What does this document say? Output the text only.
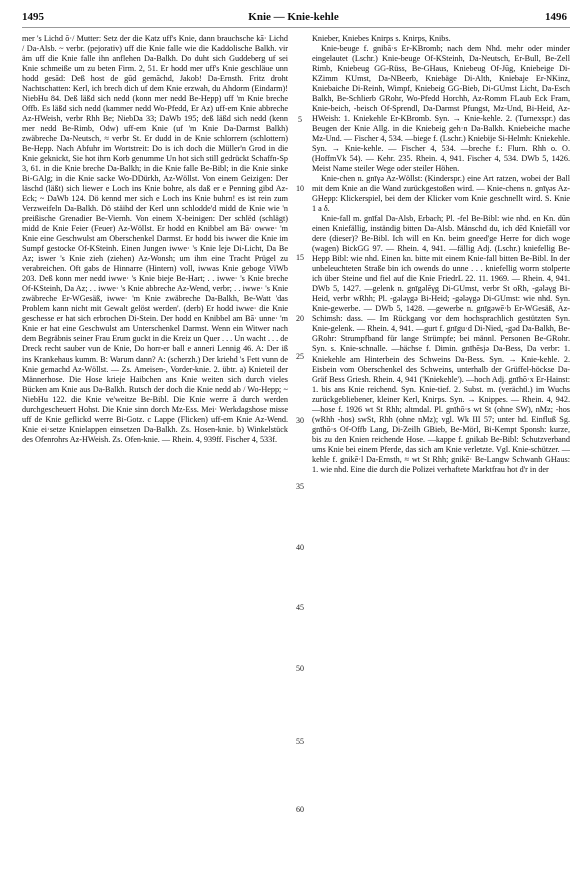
1495	Knie — Knie-kehle	1496

mer 's Lichd ō·/ Mutter: Setz der die Katz uff's Knie, dann brauchsche kā· Lichd / Da-Alsb. ~ verbr. (pejorativ) uff die Knie falle wie die Kaddolische Balkh. vir äm uff die Knie falle ihn anflehen Da-Balkh. Do duht sich Guddeberg uf sei Knie schmeiße um zu beten Firm. 2, 51. Er hodd mer uff's Knie geschläue unn hodd gesād: Deß host de gūd gemāchd, Jakob! Da-Ernsth. Fritz droht Nachtschatten: Kerl, ich brech dich uf dem Knie erzwah, du Ahdorm (Eindarm)! NiebHu 84. Deß läßd sich nedd (konn mer nedd Be-Hepp) uff 'm Knie breche Offb. Es läßd sich nedd (kammer nedd Wo-Pfedd, Er Az) uff-em Knie abbreche Az-HWeish, verbr Rhh Be; NiebDa 33; DaWb 195; deß läßd sich nedd (kenn mer nedd Be-Rimb, Odw) uff-em Knie (uf 'm Knie Da-Darmst Balkh) zwäbreche Da-Neutsch, ≈ verbr St. Er dudd in de Knie schlorrern (schlottern) Be-Hepp. Nach Abfuhr im Wortstreit: Do is ich doch die Müller'n Grod in die Knie geknickt, Sie hot ihrn Korb genumme Un hot sich still gedrückt Schaffn-Sp 3, 61. in die Knie breche Da-Balkh; in die Knie falle Be-Bibl; in die Knie sinke Bi-GAlg; in die Knie sacke Wo-DDürkh, Az-Wöllst. Von einem Geizigen: Der läschd (läßt) sich liewer e Loch ins Knie bohre, als daß er e Penning gibd Az-Eck; ~ DaWb 124. Dö kennd mer sich e Loch ins Knie buhrn! es ist rein zum Verzweifeln Da-Balkh. Dö stäihd der Kerl unn schlodde'd midd de Knie wie 'n preißische Grenadier Be-Viernh. Von einem X-beinigen: Der schlëd (schlägt) midd de Knie Feier (Feuer) Az-Wöllst. Er hodd en Knibbel am Bā· owwe· 'm Knie eine Geschwulst am Oberschenkel Darmst. Er hodd bis iwwer die Knie im Sumpf gestocke Of-KSteinh. Einen Jungen iwwe· 's Knie leje Di-Licht, Da Be Az; iswer 's Knie zieh (ziehen) Az-Wonsh; um ihm eine Tracht Prügel zu verabreichen. Oft gabs de Hinnarre (Hintern) voll, iwwas Knie geboge ViWb 203. Deß konn mer nedd iwwe· 's Knie bieje Be-Hart; . . iwwe· 's Knie breche Of-KSteinh, Da Az; . . iwwe· 's Knie abbreche Az-Wend, verbr; . . iwwe· 's Knie zwäbreche Er-WGesäß, iwwe· 'm Knie zwäbreche Da-Balkh, Be-Watt 'das Problem kann nicht mit Gewalt gelöst werden'. (derb) Er hodd iwwe· die Knie geschesse er hat sich erbrochen Di-Stein. Der hodd en Knibbel am Bā· unne· 'm Knie er hat eine Geschwulst am Unterschenkel Darmst. Wenn ein Witwer nach dem Begräbnis seiner Frau Erum guckt in die Kreiz un Quer . . . Un wacht . . . de Dreck recht sauber vun de Knie, Do horr-er ball e anneri Lennig 46. A: Der iß ins Krankehaus kumm. B: Warum dann? A: (scherzh.) Der kriehd 's Fett vunn de Knie gemachd Az-Wöllst. — Zs. Ameisen-, Vorder-knie. 2. übtr. a) Knieteil der Männerhose. Die Hose krieje Haibchen ans Knie weiten sich durch vieles Bücken am Knie aus Da-Balkh. Rutsch der doch die Knie nedd ab / Wo-Hepp; ~ NiebHu 122. die Knie ve'weitze Be-Bibl. Die Knie werre ā durch werden durchgescheuert Hohst. Die Knie sinn dorch Mz-Ess. Mei· Werkdagshose misse uff de Knie geflickd werre Bi-Gotz. c Lappe (Flicken) uff-em Knie Az-Wend. Knie ei·setze Knielappen einsetzen Da-Balkh. Zs. Hosen-knie. b) Winkelstück des Ofenrohrs Az-HWeish. Zs. Ofen-knie. — Rhein. 4, 939ff. Fischer 4, 533f.

5
10
15
20
25
30
35
40
45
50
55
60

Knieber, Kniebes Knirps s. Knirps, Knibs.

Knie-beuge f. gnibā·s Er-KBromb; nach dem Nhd. mehr oder minder eingelautet (Lschr.) Knie-beuge Of-KSteinh, Da-Neutsch, Er-Bull, Be-Zell Rimb, Kniebeug GG-Rüss, Be-GHaus, Kniebeug Of-Jūg, Kniebeige Di-KZimm KUmst, Da-NBeerb, Kniebäge Di-Alth, Kniebaje Er-NKinz, Kniebaiche Di-Reinh, Wimpf, Kniebeig GG-Bieb, Di-GUmst Licht, Da-Esch Balkh, Be-Schlierb GRohr, Wo-Pfedd Horchh, Az-Romm FLaub Eck Fram, Knie-beich, -beisch Of-Sprendl, Da-Darmst Pfungst, Mz-Und, Bi-Heid, Az-HWeish: 1. Kniekehle Er-KBromb. Syn. → Knie-kehle. 2. (Turnexspr.) das Beugen der Knie Allg. in die Kniebeig geh·n Da-Balkh. Kniebeiche mache Mz-Und. — Fischer 4, 534. —biege f. (Lschr.) Kniebije Si-Helmh: Kniekehle. Syn. → Knie-kehle. — Fischer 4, 534. —breche f.: Flurn. Rhh o. O. (HoffmVk 54). — Kehr. 235. Rhein. 4, 941. Fischer 4, 534. DWb 5, 1426. Meist Name steiler Wege oder steiler Höhen.

Knie-chen n. gnīγə Az-Wöllst: (Kinderspr.) eine Art ratzen, wobei der Ball mit dem Knie an die Wand zurückgestoßen wird. — Knie-chens n. gnīγəs Az-GHepp: Klickerspiel, bei dem der Klicker vom Knie geschnellt wird. S. Knie 1 a δ.

Knie-fall m. gnīfal Da-Alsb, Erbach; Pl. -fel Be-Bibl: wie nhd. en Kn. dūn einen Kniefällig, inständig bitten Da-Alsb. Mänschd du, ich dēd Kniefāll vor dere (dieser)? Be-Bibl. Ich will en Kn. beim gneed'ge Herre for dich woge (wagen) BickGG 97. — Rhein. 4, 941. —fällig Adj. (Lschr.) kniefellig Be-Hepp Bibl: wie nhd. Einen kn. bitte mit einem Knie-fall bitten Be-Bibl. In der unbeleuchteten Straße bin ich owends do unne . . . kniefellig worrn stolperte ich über Steine und fiel auf die Knie FriedrL 22. 11. 1969. — Rhein. 4, 941. DWb 5, 1427. —gelenk n. gnīgəlēγg Di-GUmst, verbr St oRh, -gələγg Bi-Heid, verbr wRhh; Pl. -gələγgə Bi-Heid; -gələγgə Di-GUmst: wie nhd. Syn. Knie-gewerbe. — DWb 5, 1428. —gewerbe n. gnīgəwē·b Er-WGesäß, Az-Schimsh: dass. — Im Rückgang vor dem hochsprachlich gestützten Syn. Knie-gelenk. — Rhein. 4, 941. —gurt f. gnīgu·d Di-Nied, -gəd Da-Balkh, Be-GRohr: Strumpfband für lange Strümpfe; bei männl. Personen Be-GRohr. Syn. s. Knie-schnalle. —hächse f. Dimin. gnīhēsjə Da-Bess, Da verbr: 1. Kniekehle am Hinterbein des Schweins Da-Bess. Syn. → Knie-kehle. 2. Eisbein vom Oberschenkel des Schweins, unterhalb der Grüffel-höckse Da-Gräf Bess Griesh. Rhein. 4, 941 ('Kniekehle'). —hoch Adj. gnīhō·x Er-Hainst: 1. bis ans Knie reichend. Syn. Knie-tief. 2. Subst. m. (verächtl.) im Wuchs zurückgebliebener, kleiner Kerl, Knirps. Syn. → Knippes. — Rhein. 4, 942. —hose f. 1926 wt St Rhh; altmdal. Pl. gnīhō·s wt St (ohne SW), nMz; -hos (wRhh -hos) swSt, Rhh (ohne nMz); vgl. Wk III 57; unter hd. Einfluß Sg. gnīhō·s Of-Offb Lang, Di-Zeilh GBieb, Be-Mörl, Bi-Kempt Sponsh: kurze, bis zu den Knien reichende Hose. —kappe f. gnikab Be-Bibl: Schutzverband ums Knie bei einem Pferde, das sich am Knie verletzte. Vgl. Knie-schützer. —kehle f. gnikē·l Da-Ernsth, ≈ wt St Rhh; gnikē· Be-Langw Schwanh GHaus: 1. wie nhd. Eine die durch die Polizei verhaftete Marktfrau hot d'r in der
